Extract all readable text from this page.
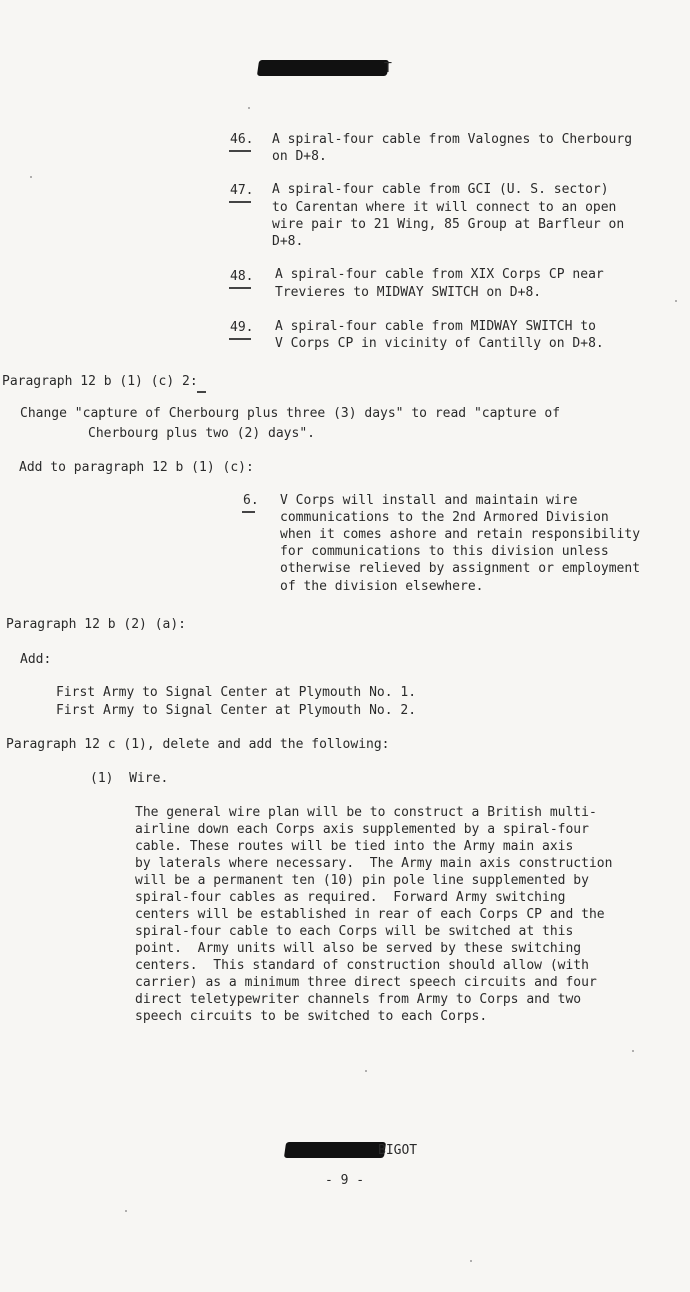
T
46. A spiral-four cable from Valognes to Cherbourg
on D+8.
47. A spiral-four cable from GCI (U. S. sector)
to Carentan where it will connect to an open
wire pair to 21 Wing, 85 Group at Barfleur on
D+8.
48. A spiral-four cable from XIX Corps CP near
Trevieres to MIDWAY SWITCH on D+8.
49. A spiral-four cable from MIDWAY SWITCH to
V Corps CP in vicinity of Cantilly on D+8.
Paragraph 12 b (1) (c) 2:
Change "capture of Cherbourg plus three (3) days" to read "capture of
Cherbourg plus two (2) days".
Add to paragraph 12 b (1) (c):
6. V Corps will install and maintain wire
communications to the 2nd Armored Division
when it comes ashore and retain responsibility
for communications to this division unless
otherwise relieved by assignment or employment
of the division elsewhere.
Paragraph 12 b (2) (a):
Add:
First Army to Signal Center at Plymouth No. 1.
First Army to Signal Center at Plymouth No. 2.
Paragraph 12 c (1), delete and add the following:
(1)  Wire.
The general wire plan will be to construct a British multi-
airline down each Corps axis supplemented by a spiral-four
cable. These routes will be tied into the Army main axis
by laterals where necessary.  The Army main axis construction
will be a permanent ten (10) pin pole line supplemented by
spiral-four cables as required.  Forward Army switching
centers will be established in rear of each Corps CP and the
spiral-four cable to each Corps will be switched at this
point.  Army units will also be served by these switching
centers.  This standard of construction should allow (with
carrier) as a minimum three direct speech circuits and four
direct teletypewriter channels from Army to Corps and two
speech circuits to be switched to each Corps.
BIGOT
- 9 -
